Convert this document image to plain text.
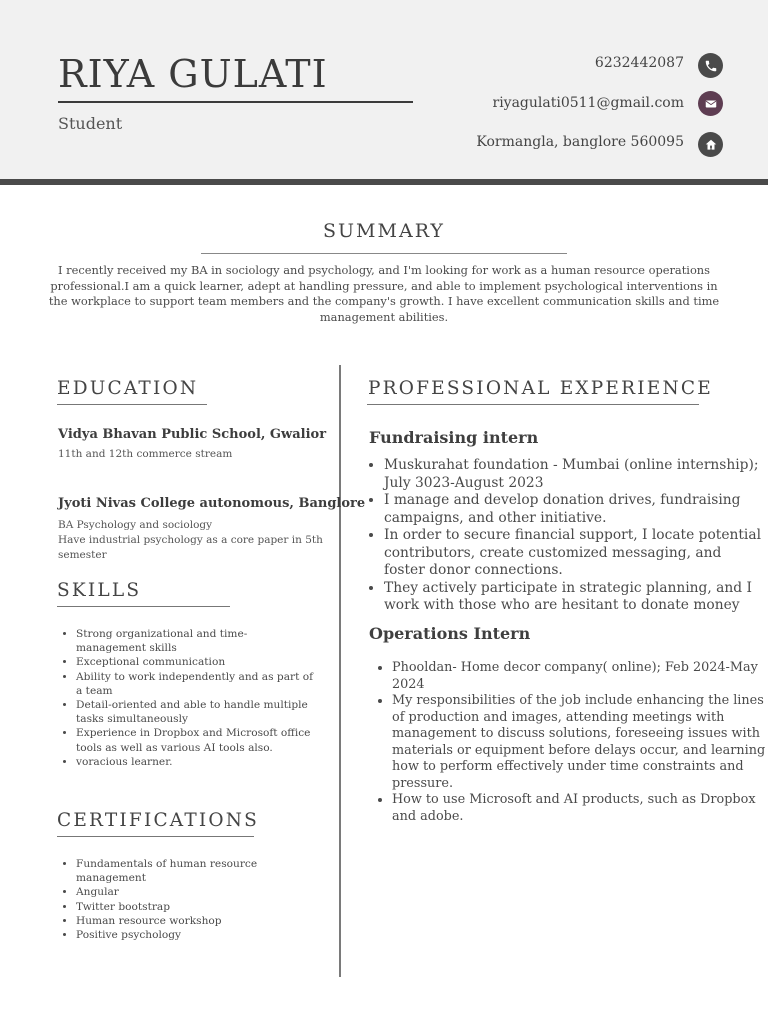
RIYA GULATI
Student
6232442087
riyagulati0511@gmail.com
Kormangla, banglore 560095
SUMMARY
I recently received my BA in sociology and psychology, and I'm looking for work as a human resource operations professional.I am a quick learner, adept at handling pressure, and able to implement psychological interventions in the workplace to support team members and the company's growth. I have excellent communication skills and time management abilities.
EDUCATION
Vidya Bhavan Public School, Gwalior
11th and 12th commerce stream
Jyoti Nivas College autonomous, Banglore
BA Psychology and sociology
Have industrial psychology as a core paper in 5th semester
SKILLS
• Strong organizational and time-management skills
• Exceptional communication
• Ability to work independently and as part of a team
• Detail-oriented and able to handle multiple tasks simultaneously
• Experience in Dropbox and Microsoft office tools as well as various AI tools also.
• voracious learner.
CERTIFICATIONS
• Fundamentals of human resource management
• Angular
• Twitter bootstrap
• Human resource workshop
• Positive psychology
PROFESSIONAL EXPERIENCE
Fundraising intern
• Muskurahat foundation - Mumbai (online internship); July 3023-August 2023
• I manage and develop donation drives, fundraising campaigns, and other initiative.
• In order to secure financial support, I locate potential contributors, create customized messaging, and foster donor connections.
• They actively participate in strategic planning, and I work with those who are hesitant to donate money
Operations Intern
• Phooldan- Home decor company( online); Feb 2024-May 2024
• My responsibilities of the job include enhancing the lines of production and images, attending meetings with management to discuss solutions, foreseeing issues with materials or equipment before delays occur, and learning how to perform effectively under time constraints and pressure.
• How to use Microsoft and AI products, such as Dropbox and adobe.
